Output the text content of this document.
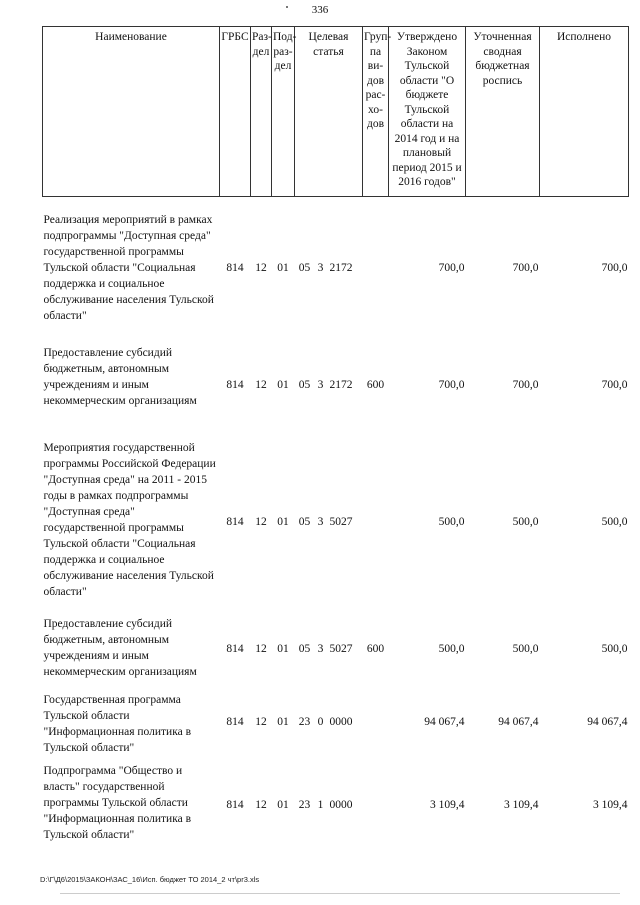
336
Наименование	ГРБС	Раз-дел	Под-раз-дел	Целевая статья	Груп-па ви-дов рас-хо-дов	Утверждено Законом Тульской области "О бюджете Тульской области на 2014 год и на плановый период 2015 и 2016 годов"	Уточненная сводная бюджетная роспись	Исполнено
Реализация мероприятий в рамках подпрограммы "Доступная среда" государственной программы Тульской области "Социальная поддержка и социальное обслуживание населения Тульской области"	814	12	01	05 3 2172		700,0	700,0	700,0
Предоставление субсидий бюджетным, автономным учреждениям и иным некоммерческим организациям	814	12	01	05 3 2172	600	700,0	700,0	700,0
Мероприятия государственной программы Российской Федерации "Доступная среда" на 2011 - 2015 годы в рамках подпрограммы "Доступная среда" государственной программы Тульской области "Социальная поддержка и социальное обслуживание населения Тульской области"	814	12	01	05 3 5027		500,0	500,0	500,0
Предоставление субсидий бюджетным, автономным учреждениям и иным некоммерческим организациям	814	12	01	05 3 5027	600	500,0	500,0	500,0
Государственная программа Тульской области "Информационная политика в Тульской области"	814	12	01	23 0 0000		94 067,4	94 067,4	94 067,4
Подпрограмма "Общество и власть" государственной программы Тульской области "Информационная политика в Тульской области"	814	12	01	23 1 0000		3 109,4	3 109,4	3 109,4
D:\Г\Д6\2015\ЗАКОН\ЗАС_16\Исп. бюджет ТО 2014_2 чт\pr3.xls
